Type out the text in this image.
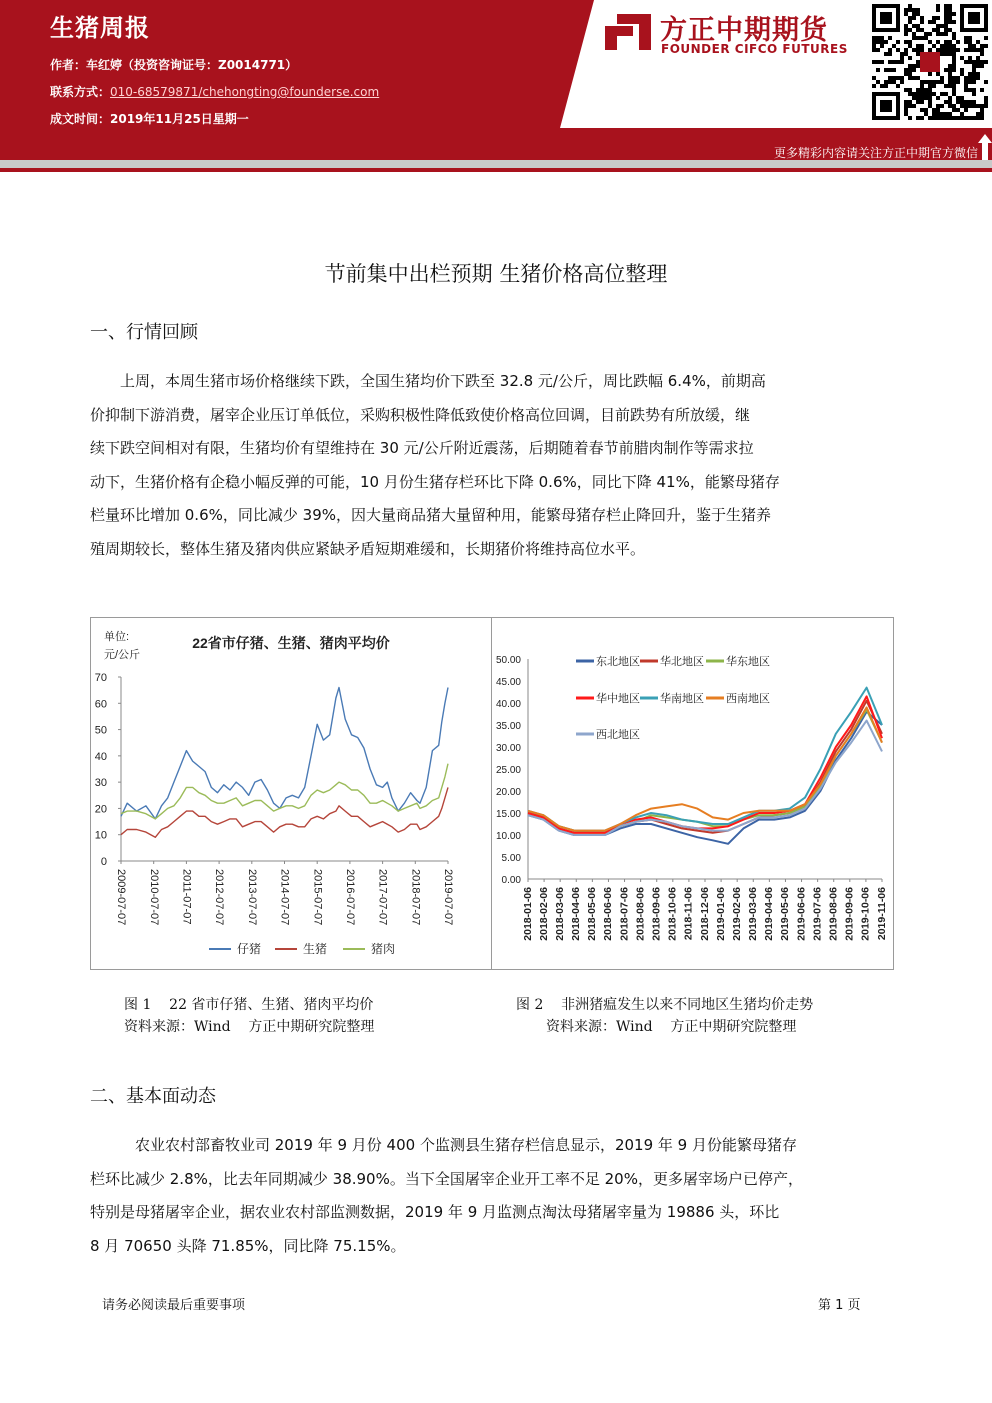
生猪周报
作者：车红婷（投资咨询证号：Z0014771）
联系方式：010-68579871/chehongting@founderse.com
成文时间：2019年11月25日星期一
方正中期期货
FOUNDER CIFCO FUTURES
更多精彩内容请关注方正中期官方微信
节前集中出栏预期 生猪价格高位整理
一、行情回顾
上周，本周生猪市场价格继续下跌，全国生猪均价下跌至 32.8 元/公斤，周比跌幅 6.4%，前期高
价抑制下游消费，屠宰企业压订单低位，采购积极性降低致使价格高位回调，目前跌势有所放缓，继
续下跌空间相对有限，生猪均价有望维持在 30 元/公斤附近震荡，后期随着春节前腊肉制作等需求拉
动下，生猪价格有企稳小幅反弹的可能，10 月份生猪存栏环比下降 0.6%，同比下降 41%，能繁母猪存
栏量环比增加 0.6%，同比减少 39%，因大量商品猪大量留种用，能繁母猪存栏止降回升，鉴于生猪养
殖周期较长，整体生猪及猪肉供应紧缺矛盾短期难缓和，长期猪价将维持高位水平。
单位:
元/公斤
22省市仔猪、生猪、猪肉平均价
0
10
20
30
40
50
60
70
2009-07-07 2010-07-07 2011-07-07 2012-07-07 2013-07-07 2014-07-07 2015-07-07 2016-07-07 2017-07-07 2018-07-07 2019-07-07
仔猪	生猪	猪肉
0.00
5.00
10.00
15.00
20.00
25.00
30.00
35.00
40.00
45.00
50.00
2018-01-06 2018-02-06 2018-03-06 2018-04-06 2018-05-06 2018-06-06 2018-07-06 2018-08-06 2018-09-06 2018-10-06 2018-11-06 2018-12-06 2019-01-06 2019-02-06 2019-03-06 2019-04-06 2019-05-06 2019-06-06 2019-07-06 2019-08-06 2019-09-06 2019-10-06 2019-11-06
东北地区 华北地区 华东地区
华中地区 华南地区 西南地区
西北地区
图 1    22 省市仔猪、生猪、猪肉平均价
资料来源：Wind    方正中期研究院整理
图 2    非洲猪瘟发生以来不同地区生猪均价走势
资料来源：Wind    方正中期研究院整理
二、基本面动态
农业农村部畜牧业司 2019 年 9 月份 400 个监测县生猪存栏信息显示，2019 年 9 月份能繁母猪存
栏环比减少 2.8%，比去年同期减少 38.90%。当下全国屠宰企业开工率不足 20%，更多屠宰场户已停产，
特别是母猪屠宰企业，据农业农村部监测数据，2019 年 9 月监测点淘汰母猪屠宰量为 19886 头，环比
8 月 70650 头降 71.85%，同比降 75.15%。
请务必阅读最后重要事项	第 1 页
